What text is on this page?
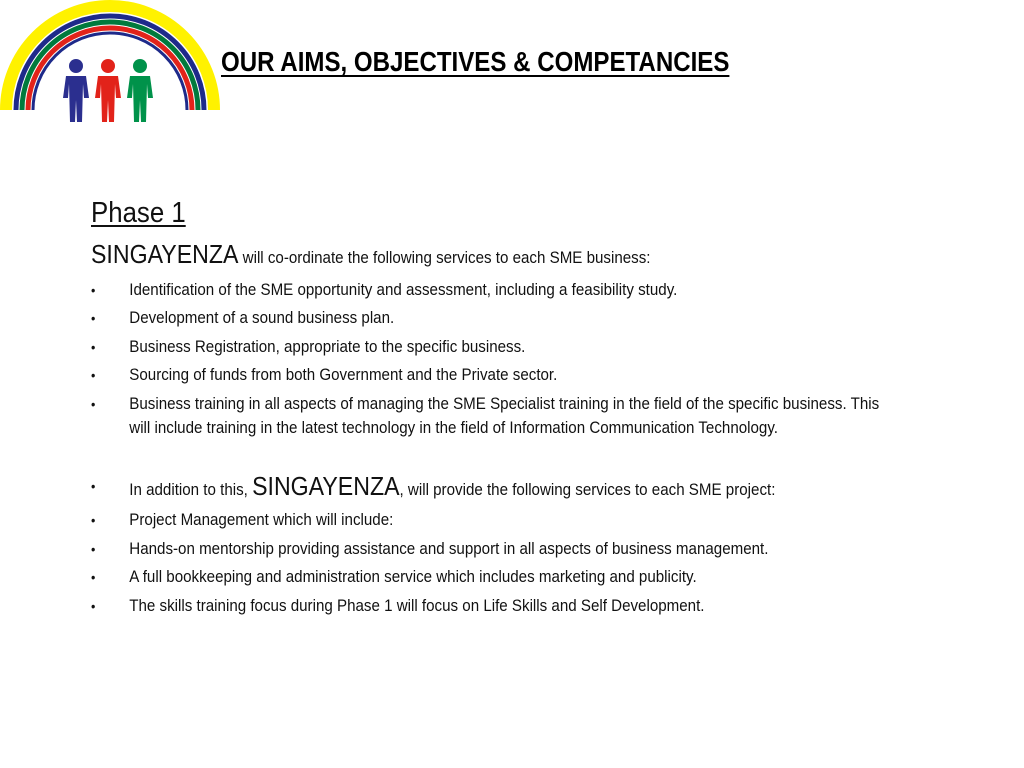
OUR AIMS, OBJECTIVES & COMPETANCIES
Phase 1
SINGAYENZA will co-ordinate the following services to each SME business:
• Identification of the SME opportunity and assessment, including a feasibility study.
• Development of a sound business plan.
• Business Registration, appropriate to the specific business.
• Sourcing of funds from both Government and the Private sector.
• Business training in all aspects of managing the SME Specialist training in the field of the specific business. This will include training in the latest technology in the field of Information Communication Technology.
• In addition to this, SINGAYENZA, will provide the following services to each SME project:
• Project Management which will include:
• Hands-on mentorship providing assistance and support in all aspects of business management.
• A full bookkeeping and administration service which includes marketing and publicity.
• The skills training focus during Phase 1 will focus on Life Skills and Self Development.
